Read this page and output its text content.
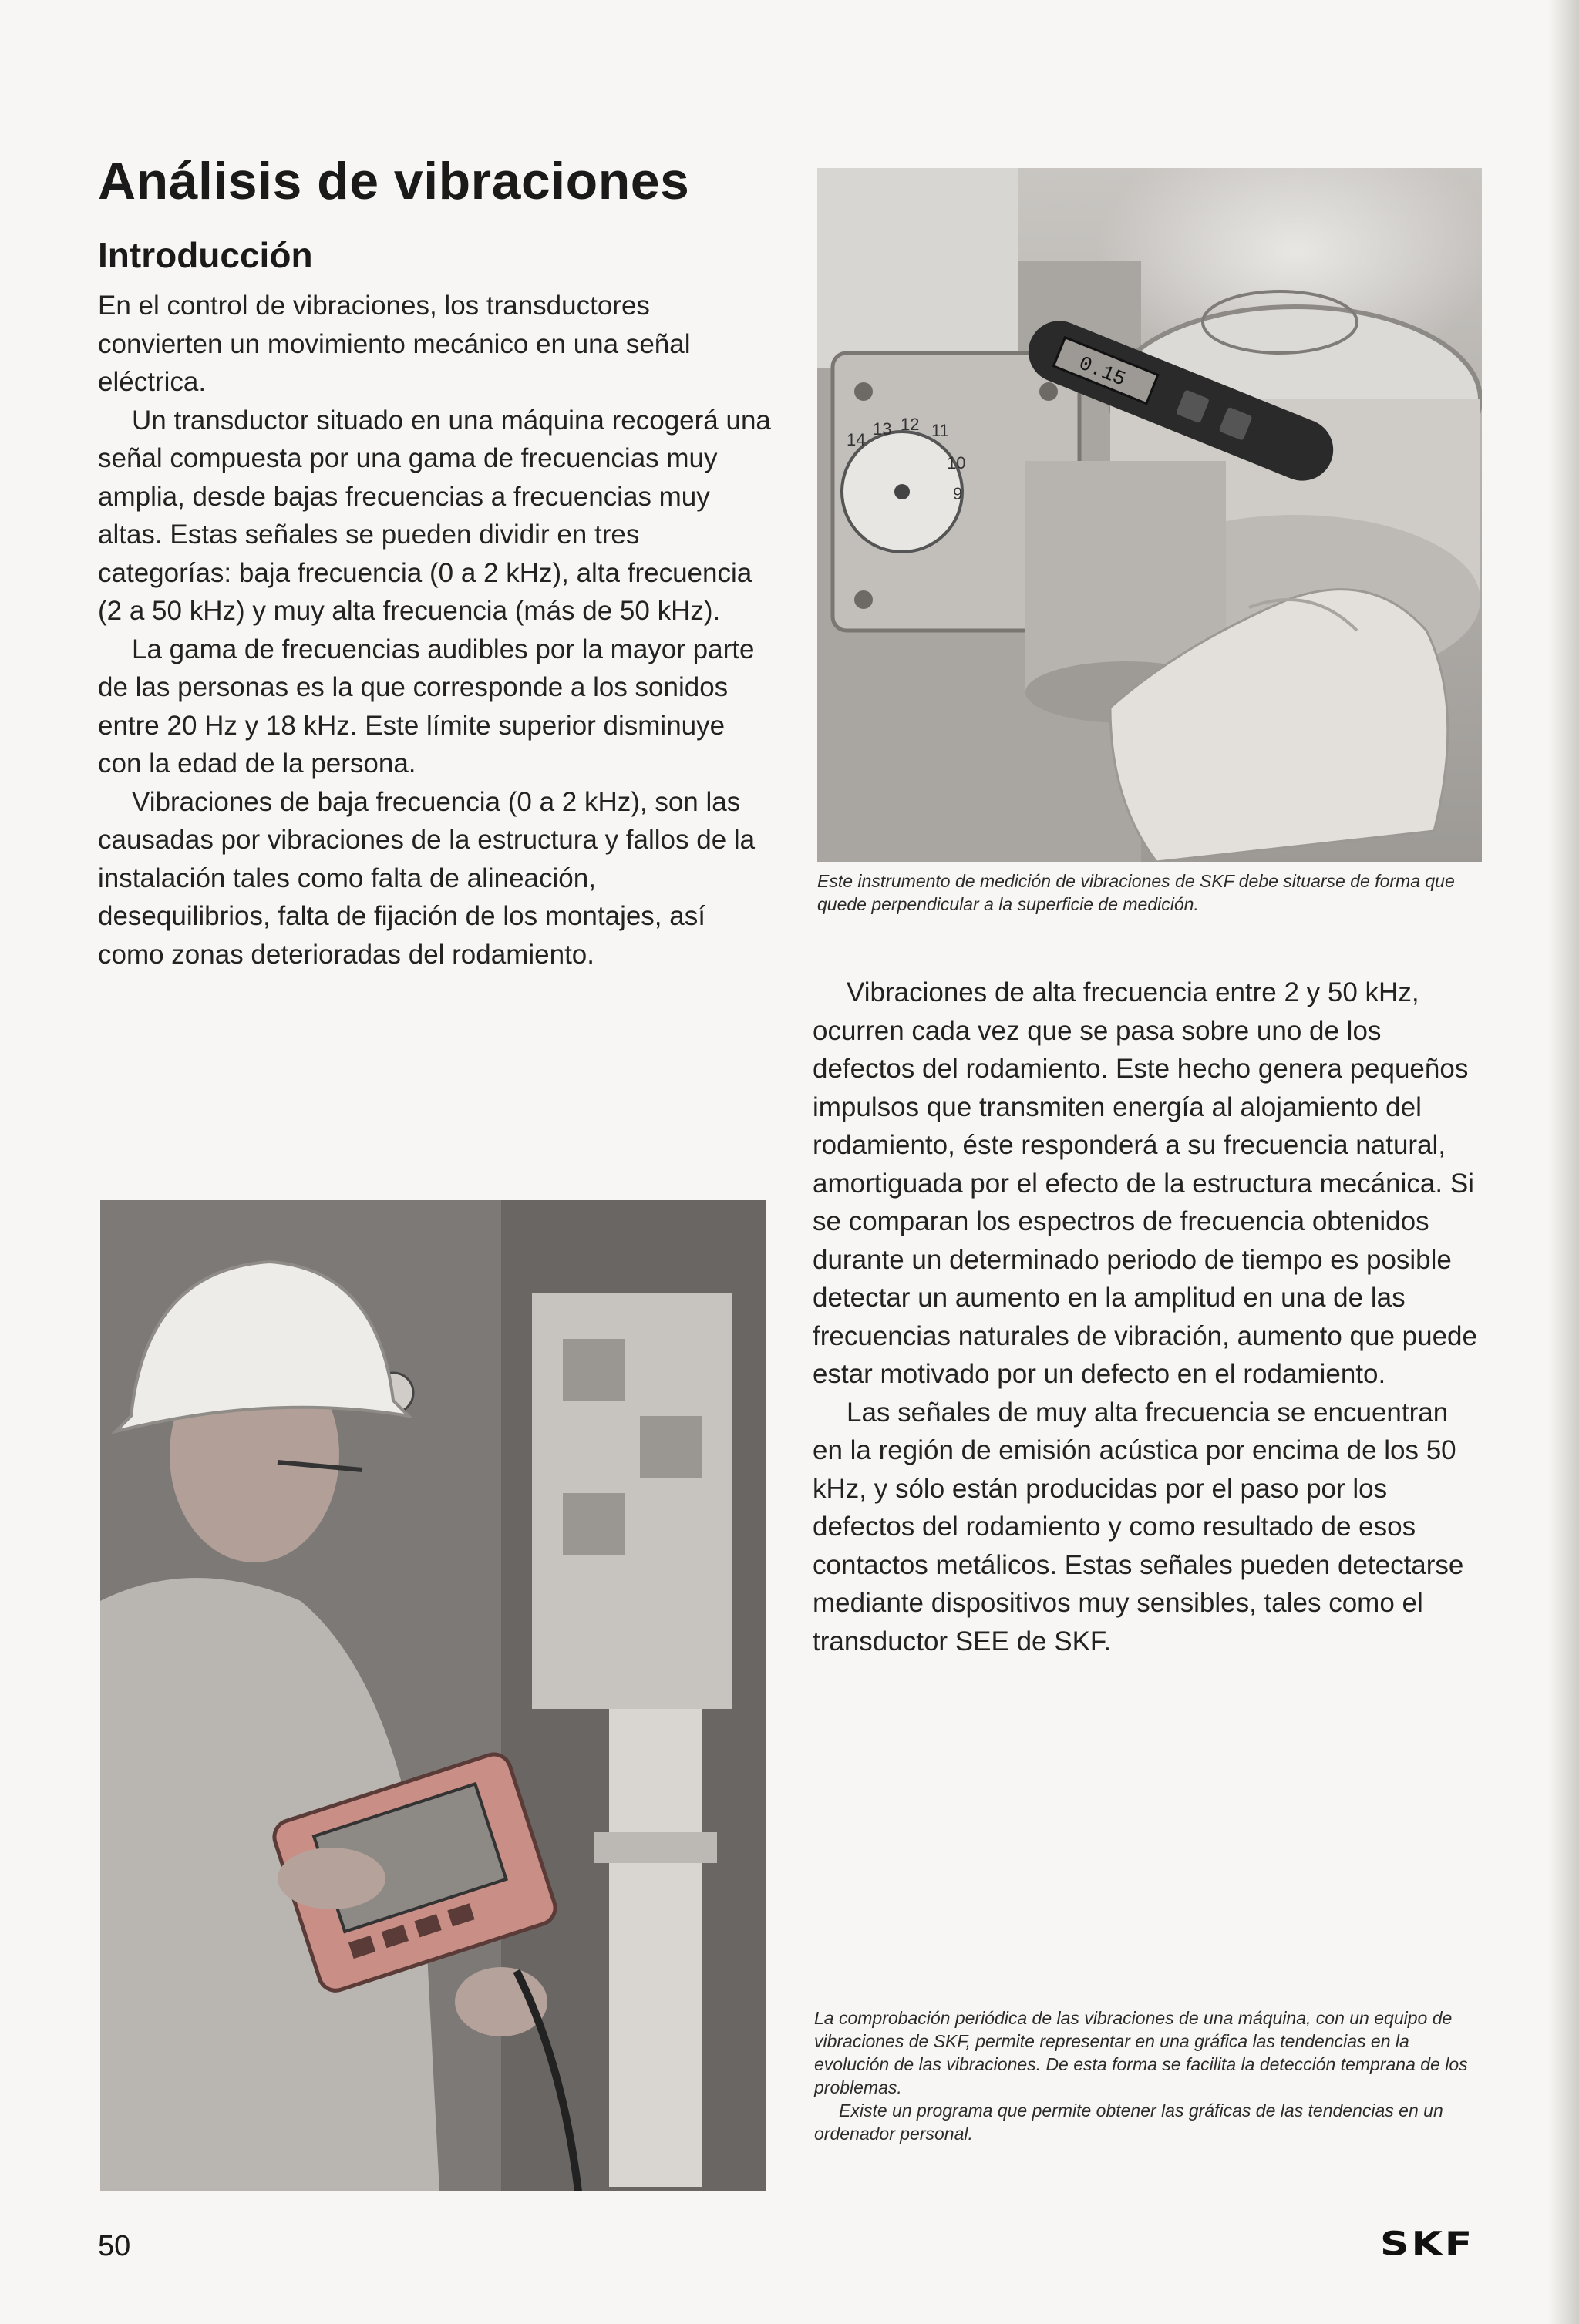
Análisis de vibraciones
Introducción

En el control de vibraciones, los transductores convierten un movimiento mecánico en una señal eléctrica.

Un transductor situado en una máquina recogerá una señal compuesta por una gama de frecuencias muy amplia, desde bajas frecuencias a frecuencias muy altas. Estas señales se pueden dividir en tres categorías: baja frecuencia (0 a 2 kHz), alta frecuencia (2 a 50 kHz) y muy alta frecuencia (más de 50 kHz).

La gama de frecuencias audibles por la mayor parte de las personas es la que corresponde a los sonidos entre 20 Hz y 18 kHz. Este límite superior disminuye con la edad de la persona.

Vibraciones de baja frecuencia (0 a 2 kHz), son las causadas por vibraciones de la estructura y fallos de la instalación tales como falta de alineación, desequilibrios, falta de fijación de los montajes, así como zonas deterioradas del rodamiento.

14
13 12 11
10
9
0.15

Este instrumento de medición de vibraciones de SKF debe situarse de forma que quede perpendicular a la superficie de medición.

Vibraciones de alta frecuencia entre 2 y 50 kHz, ocurren cada vez que se pasa sobre uno de los defectos del rodamiento. Este hecho genera pequeños impulsos que transmiten energía al alojamiento del rodamiento, éste responderá a su frecuencia natural, amortiguada por el efecto de la estructura mecánica. Si se comparan los espectros de frecuencia obtenidos durante un determinado periodo de tiempo es posible detectar un aumento en la amplitud en una de las frecuencias naturales de vibración, aumento que puede estar motivado por un defecto en el rodamiento.

Las señales de muy alta frecuencia se encuentran en la región de emisión acústica por encima de los 50 kHz, y sólo están producidas por el paso por los defectos del rodamiento y como resultado de esos contactos metálicos. Estas señales pueden detectarse mediante dispositivos muy sensibles, tales como el transductor SEE de SKF.

La comprobación periódica de las vibraciones de una máquina, con un equipo de vibraciones de SKF, permite representar en una gráfica las tendencias en la evolución de las vibraciones. De esta forma se facilita la detección temprana de los problemas.

Existe un programa que permite obtener las gráficas de las tendencias en un ordenador personal.

50	SKF
